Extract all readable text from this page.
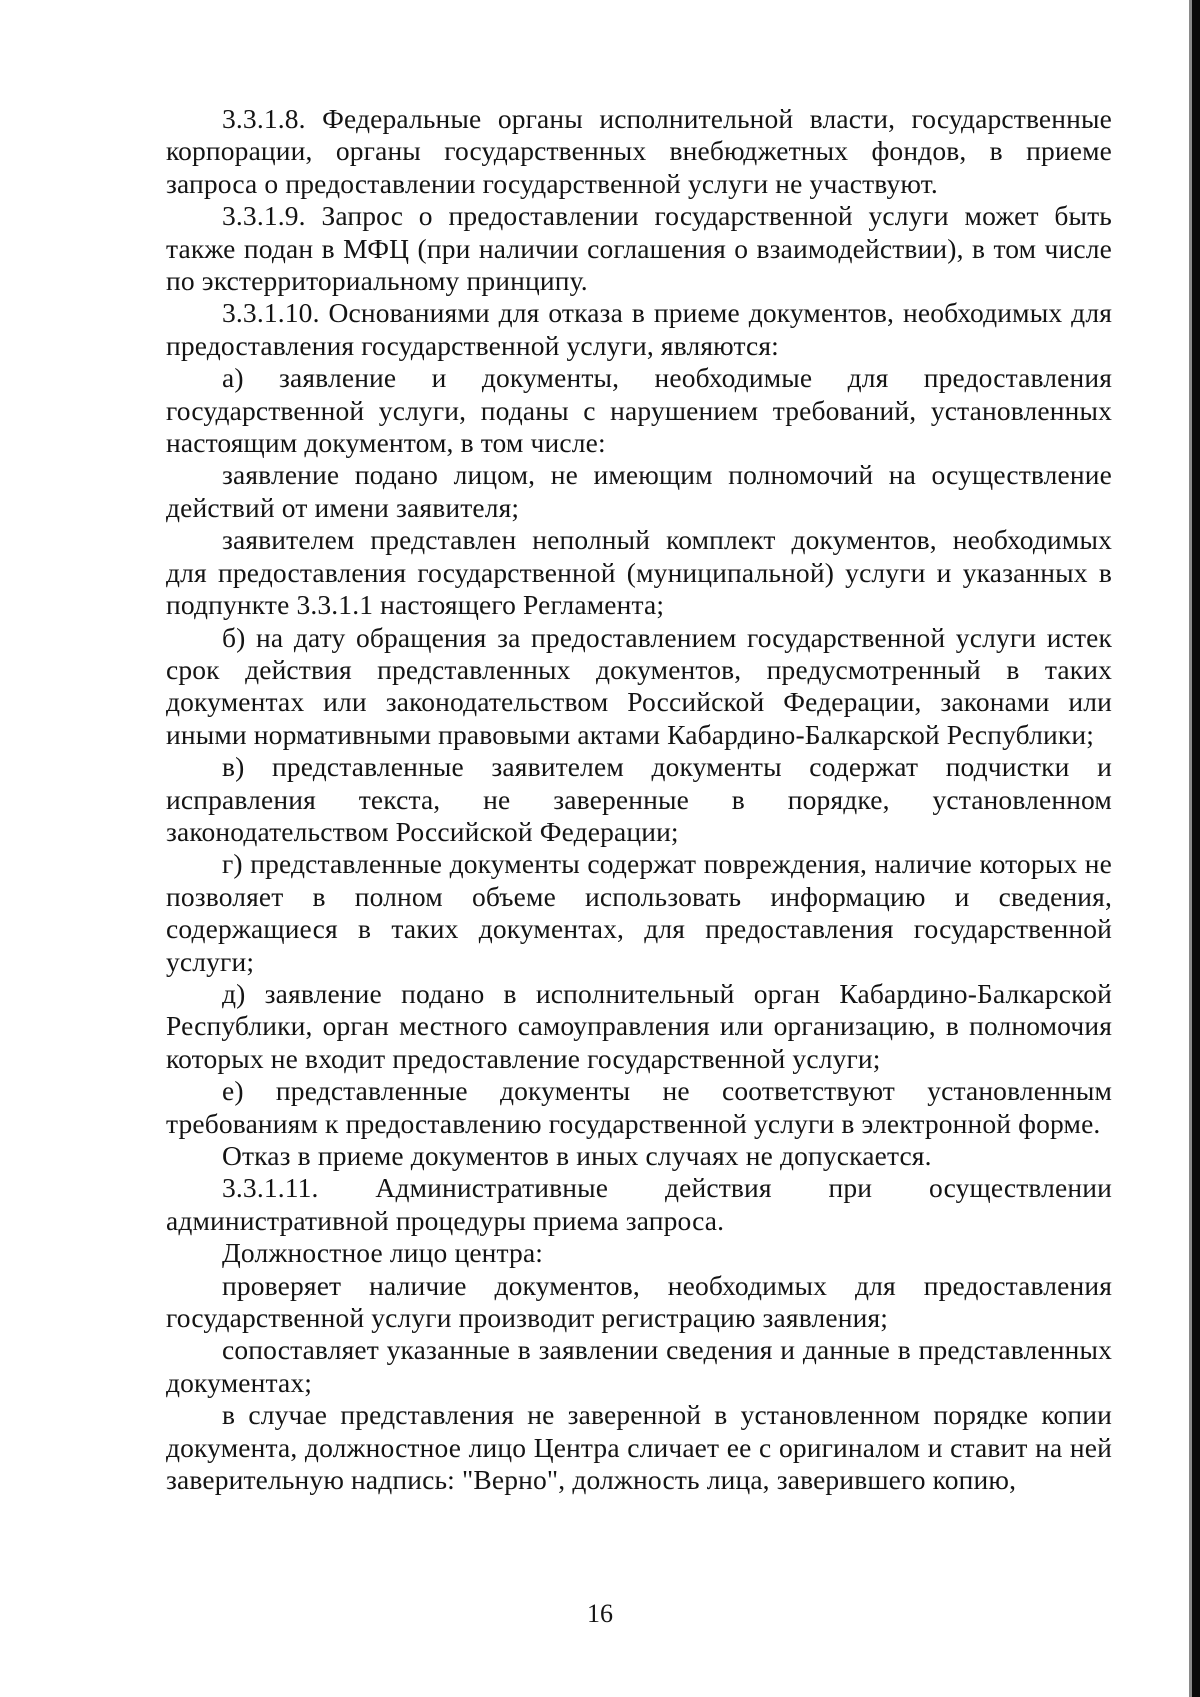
3.3.1.8. Федеральные органы исполнительной власти, государственные корпорации, органы государственных внебюджетных фондов, в приеме запроса о предоставлении государственной услуги не участвуют.

3.3.1.9. Запрос о предоставлении государственной услуги может быть также подан в МФЦ (при наличии соглашения о взаимодействии), в том числе по экстерриториальному принципу.

3.3.1.10. Основаниями для отказа в приеме документов, необходимых для предоставления государственной услуги, являются:

а) заявление и документы, необходимые для предоставления государственной услуги, поданы с нарушением требований, установленных настоящим документом, в том числе:

заявление подано лицом, не имеющим полномочий на осуществление действий от имени заявителя;

заявителем представлен неполный комплект документов, необходимых для предоставления государственной (муниципальной) услуги и указанных в подпункте 3.3.1.1 настоящего Регламента;

б) на дату обращения за предоставлением государственной услуги истек срок действия представленных документов, предусмотренный в таких документах или законодательством Российской Федерации, законами или иными нормативными правовыми актами Кабардино-Балкарской Республики;

в) представленные заявителем документы содержат подчистки и исправления текста, не заверенные в порядке, установленном законодательством Российской Федерации;

г) представленные документы содержат повреждения, наличие которых не позволяет в полном объеме использовать информацию и сведения, содержащиеся в таких документах, для предоставления государственной услуги;

д) заявление подано в исполнительный орган Кабардино-Балкарской Республики, орган местного самоуправления или организацию, в полномочия которых не входит предоставление государственной услуги;

е) представленные документы не соответствуют установленным требованиям к предоставлению государственной услуги в электронной форме.

Отказ в приеме документов в иных случаях не допускается.

3.3.1.11. Административные действия при осуществлении административной процедуры приема запроса.

Должностное лицо центра:

проверяет наличие документов, необходимых для предоставления государственной услуги производит регистрацию заявления;

сопоставляет указанные в заявлении сведения и данные в представленных документах;

в случае представления не заверенной в установленном порядке копии документа, должностное лицо Центра сличает ее с оригиналом и ставит на ней заверительную надпись: "Верно", должность лица, заверившего копию,

16
